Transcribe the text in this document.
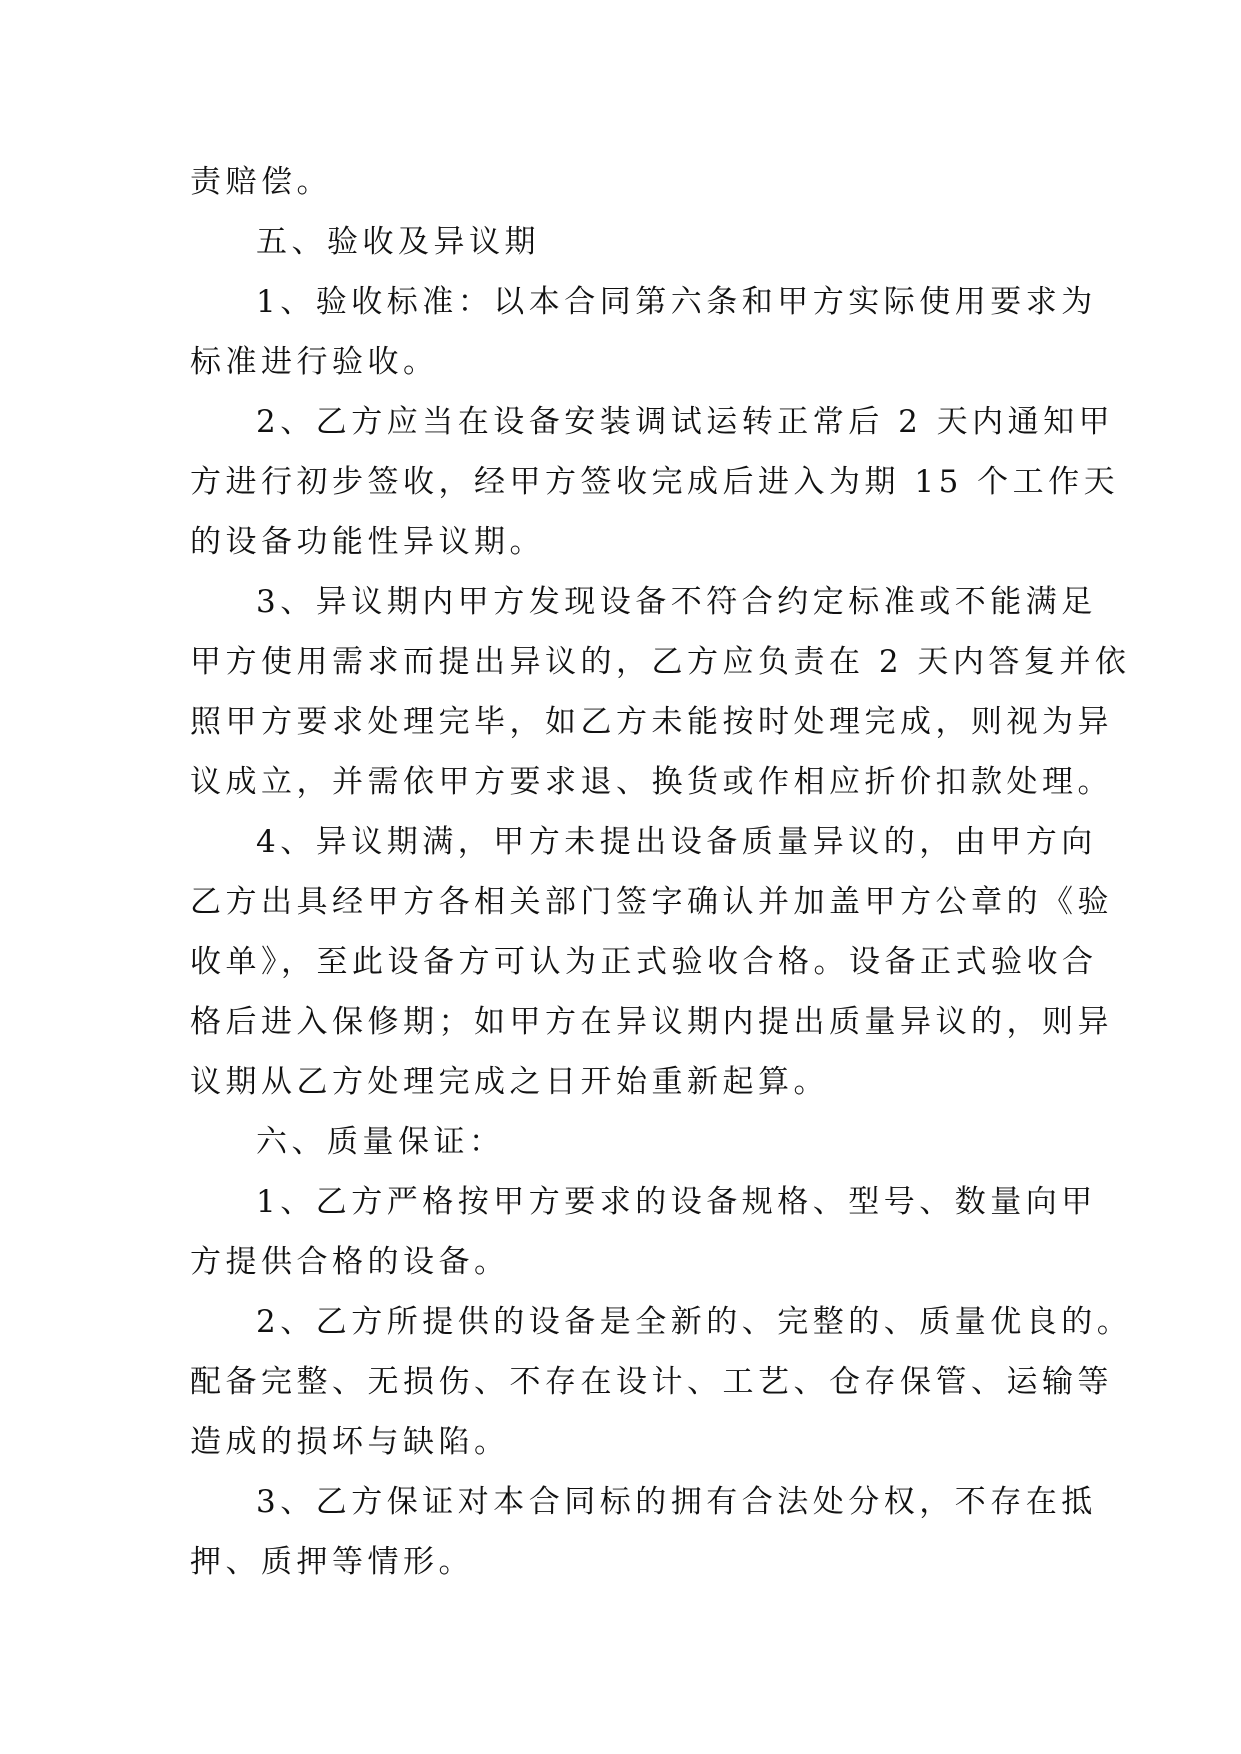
责赔偿。
五、验收及异议期
1、验收标准：以本合同第六条和甲方实际使用要求为
标准进行验收。
2、乙方应当在设备安装调试运转正常后 2 天内通知甲
方进行初步签收，经甲方签收完成后进入为期 15 个工作天
的设备功能性异议期。
3、异议期内甲方发现设备不符合约定标准或不能满足
甲方使用需求而提出异议的，乙方应负责在 2 天内答复并依
照甲方要求处理完毕，如乙方未能按时处理完成，则视为异
议成立，并需依甲方要求退、换货或作相应折价扣款处理。
4、异议期满，甲方未提出设备质量异议的，由甲方向
乙方出具经甲方各相关部门签字确认并加盖甲方公章的《验
收单》，至此设备方可认为正式验收合格。设备正式验收合
格后进入保修期；如甲方在异议期内提出质量异议的，则异
议期从乙方处理完成之日开始重新起算。
六、质量保证：
1、乙方严格按甲方要求的设备规格、型号、数量向甲
方提供合格的设备。
2、乙方所提供的设备是全新的、完整的、质量优良的。
配备完整、无损伤、不存在设计、工艺、仓存保管、运输等
造成的损坏与缺陷。
3、乙方保证对本合同标的拥有合法处分权，不存在抵
押、质押等情形。
